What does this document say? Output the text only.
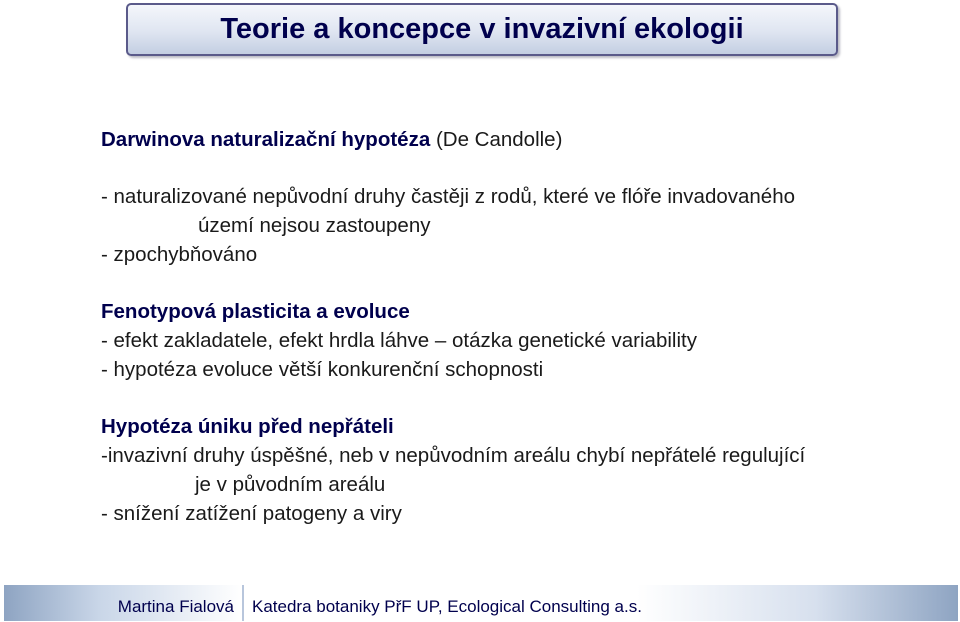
Teorie a koncepce v invazivní ekologii
Darwinova naturalizační hypotéza (De Candolle)
- naturalizované nepůvodní druhy častěji z rodů, které ve flóře invadovaného
území nejsou zastoupeny
- zpochybňováno
Fenotypová plasticita a evoluce
- efekt zakladatele, efekt hrdla láhve – otázka genetické variability
- hypotéza evoluce větší konkurenční schopnosti
Hypotéza úniku před nepřáteli
-invazivní druhy úspěšné, neb v nepůvodním areálu chybí nepřátelé regulující
je v původním areálu
- snížení zatížení patogeny a viry
Martina Fialová Katedra botaniky PřF UP, Ecological Consulting a.s.
